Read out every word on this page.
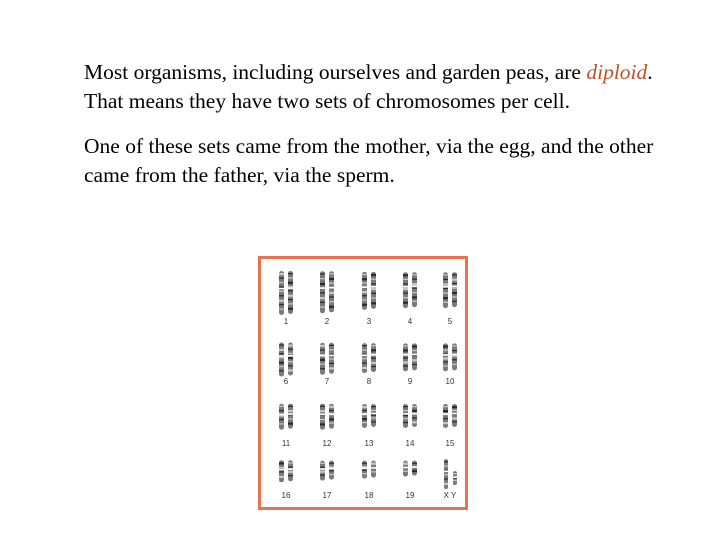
Most organisms, including ourselves and garden peas, are diploid. That means they have two sets of chromosomes per cell.

One of these sets came from the mother, via the egg, and the other came from the father, via the sperm.

1	2	3	4	5
6	7	8	9	10
11	12	13	14	15
16	17	18	19	X Y
